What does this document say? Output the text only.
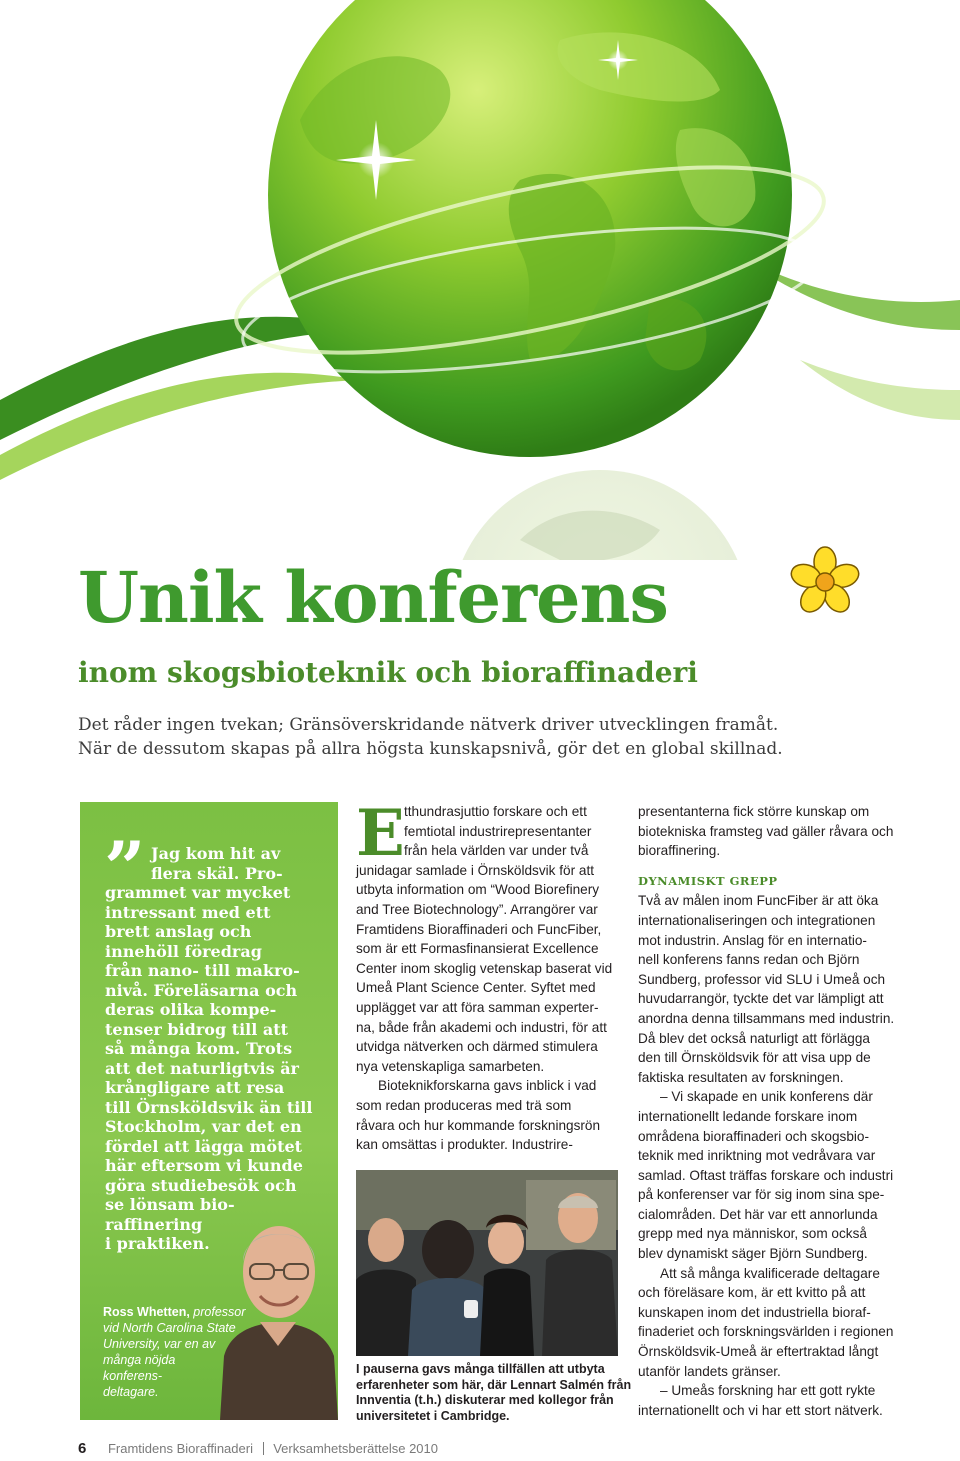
Unik konferens
inom skogsbioteknik och bioraffinaderi
Det råder ingen tvekan; Gränsöverskridande nätverk driver utvecklingen framåt.
När de dessutom skapas på allra högsta kunskapsnivå, gör det en global skillnad.
” Jag kom hit av
flera skäl. Pro-
grammet var mycket
intressant med ett
brett anslag och
innehöll föredrag
från nano- till makro-
nivå. Föreläsarna och
deras olika kompe-
tenser bidrog till att
så många kom. Trots
att det naturligtvis är
krångligare att resa
till Örnsköldsvik än till
Stockholm, var det en
fördel att lägga mötet
här eftersom vi kunde
göra studiebesök och
se lönsam bio-
raffinering
i praktiken.
Ross Whetten, professor
vid North Carolina State
University, var en av
många nöjda
konferens-
deltagare.
E tthundrasjuttio forskare och ett
femtiotal industrirepresentanter
från hela världen var under två
junidagar samlade i Örnsköldsvik för att
utbyta information om “Wood Biorefinery
and Tree Biotechnology”. Arrangörer var
Framtidens Bioraffinaderi och FuncFiber,
som är ett Formasfinansierat Excellence
Center inom skoglig vetenskap baserat vid
Umeå Plant Science Center. Syftet med
upplägget var att föra samman experter-
na, både från akademi och industri, för att
utvidga nätverken och därmed stimulera
nya vetenskapliga samarbeten.
Bioteknikforskarna gavs inblick i vad
som redan produceras med trä som
råvara och hur kommande forskningsrön
kan omsättas i produkter. Industrire-
I pauserna gavs många tillfällen att utbyta
erfarenheter som här, där Lennart Salmén från
Innventia (t.h.) diskuterar med kollegor från
universitetet i Cambridge.
presentanterna fick större kunskap om
biotekniska framsteg vad gäller råvara och
bioraffinering.
DYNAMISKT GREPP
Två av målen inom FuncFiber är att öka
internationaliseringen och integrationen
mot industrin. Anslag för en internatio-
nell konferens fanns redan och Björn
Sundberg, professor vid SLU i Umeå och
huvudarrangör, tyckte det var lämpligt att
anordna denna tillsammans med industrin.
Då blev det också naturligt att förlägga
den till Örnsköldsvik för att visa upp de
faktiska resultaten av forskningen.
– Vi skapade en unik konferens där
internationellt ledande forskare inom
områdena bioraffinaderi och skogsbio-
teknik med inriktning mot vedråvara var
samlad. Oftast träffas forskare och industri
på konferenser var för sig inom sina spe-
cialområden. Det här var ett annorlunda
grepp med nya människor, som också
blev dynamiskt säger Björn Sundberg.
Att så många kvalificerade deltagare
och föreläsare kom, är ett kvitto på att
kunskapen inom det industriella bioraf-
finaderiet och forskningsvärlden i regionen
Örnsköldsvik-Umeå är eftertraktad långt
utanför landets gränser.
– Umeås forskning har ett gott rykte
internationellt och vi har ett stort nätverk.
6 Framtidens Bioraffinaderi Verksamhetsberättelse 2010
